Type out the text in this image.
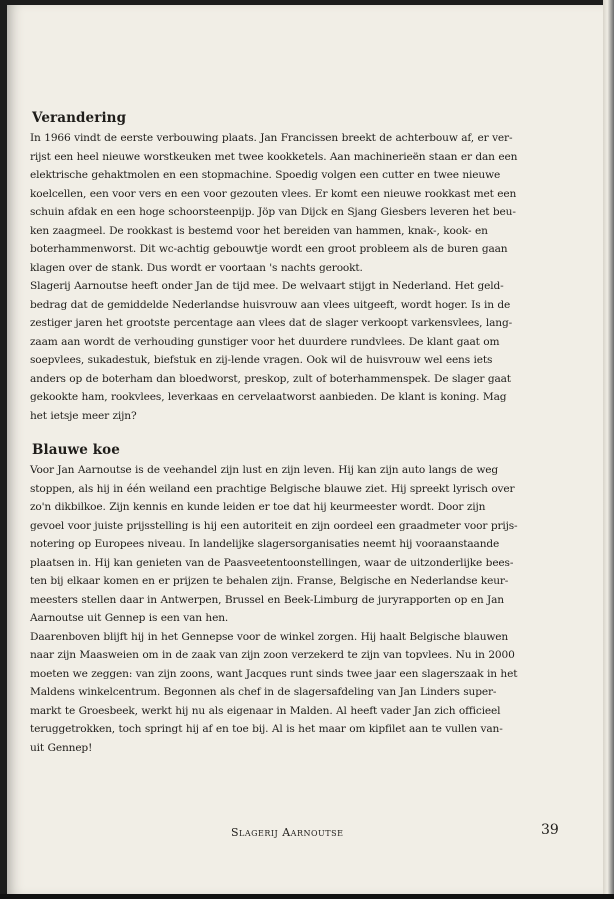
Verandering
In 1966 vindt de eerste verbouwing plaats. Jan Francissen breekt de achterbouw af, er ver-
rijst een heel nieuwe worstkeuken met twee kookketels. Aan machinerieën staan er dan een
elektrische gehaktmolen en een stopmachine. Spoedig volgen een cutter en twee nieuwe
koelcellen, een voor vers en een voor gezouten vlees. Er komt een nieuwe rookkast met een
schuin afdak en een hoge schoorsteenpijp. Jöp van Dijck en Sjang Giesbers leveren het beu-
ken zaagmeel. De rookkast is bestemd voor het bereiden van hammen, knak-, kook- en
boterhammenworst. Dit wc-achtig gebouwtje wordt een groot probleem als de buren gaan
klagen over de stank. Dus wordt er voortaan 's nachts gerookt.
Slagerij Aarnoutse heeft onder Jan de tijd mee. De welvaart stijgt in Nederland. Het geld-
bedrag dat de gemiddelde Nederlandse huisvrouw aan vlees uitgeeft, wordt hoger. Is in de
zestiger jaren het grootste percentage aan vlees dat de slager verkoopt varkensvlees, lang-
zaam aan wordt de verhouding gunstiger voor het duurdere rundvlees. De klant gaat om
soepvlees, sukadestuk, biefstuk en zij-lende vragen. Ook wil de huisvrouw wel eens iets
anders op de boterham dan bloedworst, preskop, zult of boterhammenspek. De slager gaat
gekookte ham, rookvlees, leverkaas en cervelaatworst aanbieden. De klant is koning. Mag
het ietsje meer zijn?
Blauwe koe
Voor Jan Aarnoutse is de veehandel zijn lust en zijn leven. Hij kan zijn auto langs de weg
stoppen, als hij in één weiland een prachtige Belgische blauwe ziet. Hij spreekt lyrisch over
zo'n dikbilkoe. Zijn kennis en kunde leiden er toe dat hij keurmeester wordt. Door zijn
gevoel voor juiste prijsstelling is hij een autoriteit en zijn oordeel een graadmeter voor prijs-
notering op Europees niveau. In landelijke slagersorganisaties neemt hij vooraanstaande
plaatsen in. Hij kan genieten van de Paasveetentoonstellingen, waar de uitzonderlijke bees-
ten bij elkaar komen en er prijzen te behalen zijn. Franse, Belgische en Nederlandse keur-
meesters stellen daar in Antwerpen, Brussel en Beek-Limburg de juryrapporten op en Jan
Aarnoutse uit Gennep is een van hen.
Daarenboven blijft hij in het Gennepse voor de winkel zorgen. Hij haalt Belgische blauwen
naar zijn Maasweien om in de zaak van zijn zoon verzekerd te zijn van topvlees. Nu in 2000
moeten we zeggen: van zijn zoons, want Jacques runt sinds twee jaar een slagerszaak in het
Maldens winkelcentrum. Begonnen als chef in de slagersafdeling van Jan Linders super-
markt te Groesbeek, werkt hij nu als eigenaar in Malden. Al heeft vader Jan zich officieel
teruggetrokken, toch springt hij af en toe bij. Al is het maar om kipfilet aan te vullen van-
uit Gennep!
Slagerij Aarnoutse	39
